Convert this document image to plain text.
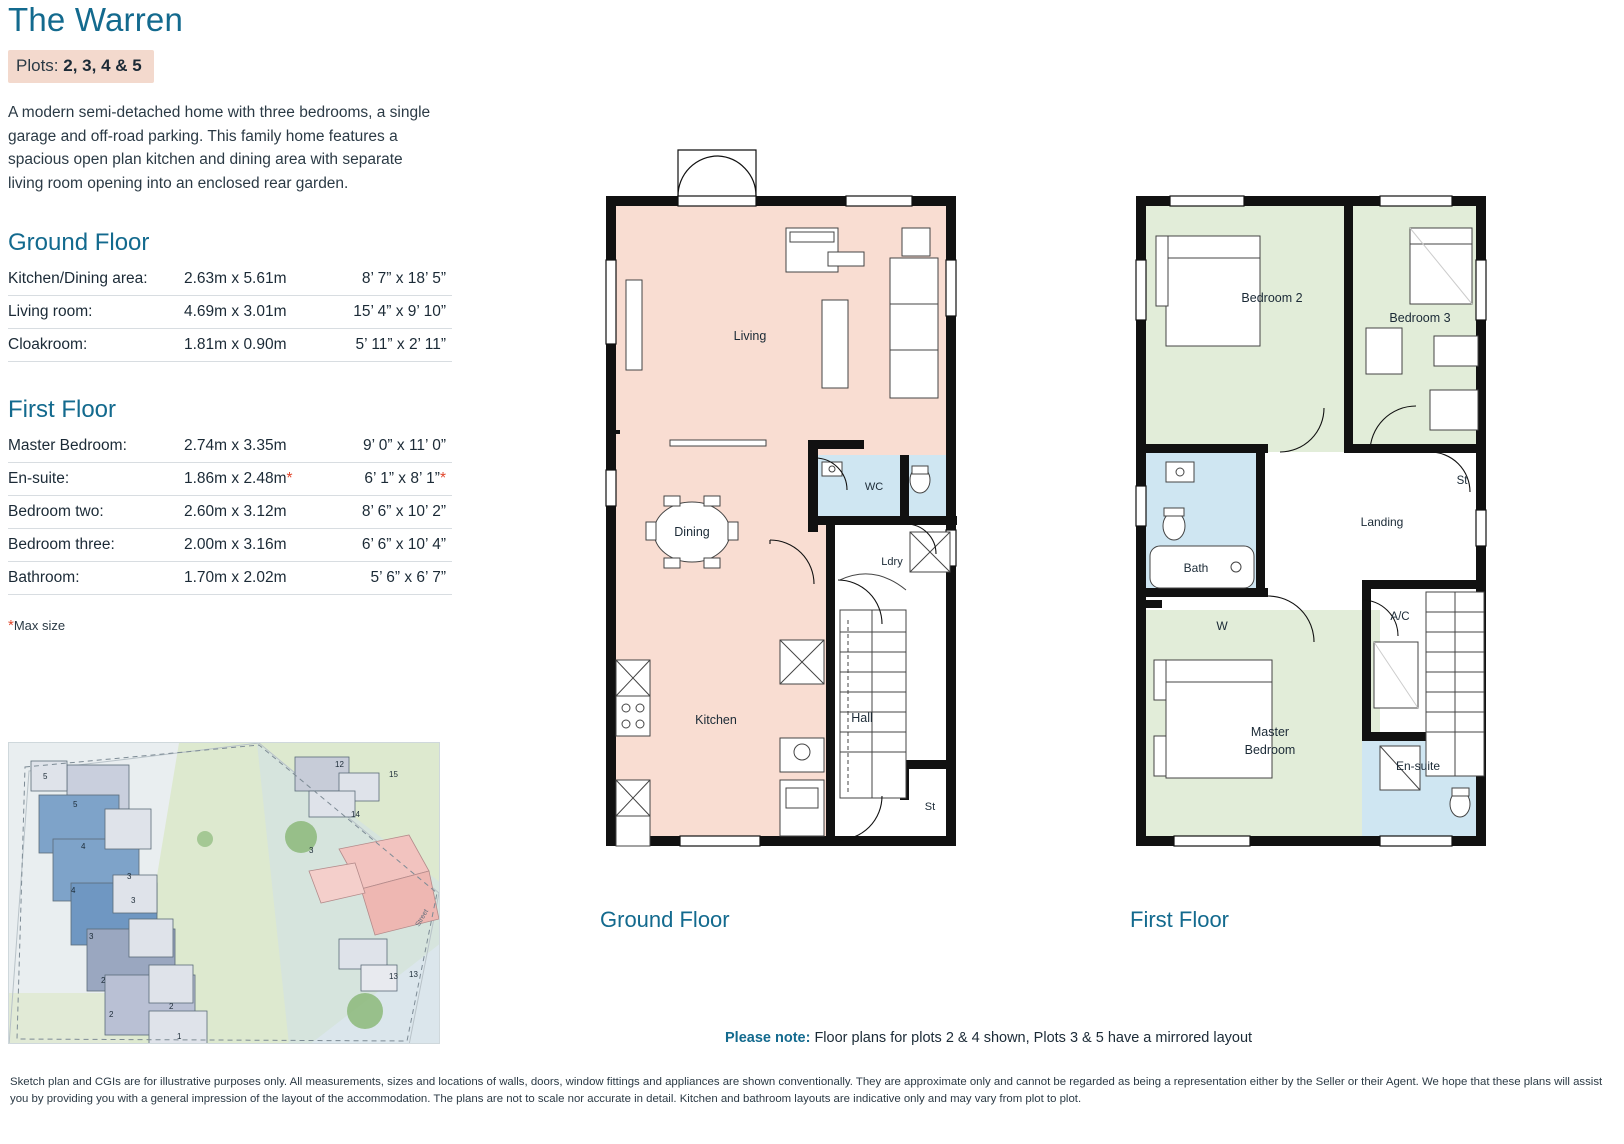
The Warren
Plots: 2, 3, 4 & 5

A modern semi-detached home with three bedrooms, a single garage and off-road parking. This family home features a spacious open plan kitchen and dining area with separate living room opening into an enclosed rear garden.

Ground Floor
Kitchen/Dining area:	2.63m x 5.61m	8’ 7” x 18’ 5”
Living room:	4.69m x 3.01m	15’ 4” x 9’ 10”
Cloakroom:	1.81m x 0.90m	5’ 11” x 2’ 11”
First Floor
Master Bedroom:	2.74m x 3.35m	9’ 0” x 11’ 0”
En-suite:	1.86m x 2.48m*	6’ 1” x 8’ 1”*
Bedroom two:	2.60m x 3.12m	8’ 6” x 10’ 2”
Bedroom three:	2.00m x 3.16m	6’ 6” x 10’ 4”
Bathroom:	1.70m x 2.02m	5’ 6” x 6’ 7”
*Max size
5
5
4
4
3
3
3
2
2
2
1
12
15
14
3
13 13
Street
Living
Dining
Kitchen
WC
Ldry
Hall
St
Ground Floor
Bedroom 2
Bedroom 3
Landing
Bath
St
W
A/C
Master
Bedroom
En-suite
First Floor
Please note: Floor plans for plots 2 & 4 shown, Plots 3 & 5 have a mirrored layout
Sketch plan and CGIs are for illustrative purposes only. All measurements, sizes and locations of walls, doors, window fittings and appliances are shown conventionally. They are approximate only and cannot be regarded as being a representation either by the Seller or their Agent. We hope that these plans will assist you by providing you with a general impression of the layout of the accommodation. The plans are not to scale nor accurate in detail. Kitchen and bathroom layouts are indicative only and may vary from plot to plot.
